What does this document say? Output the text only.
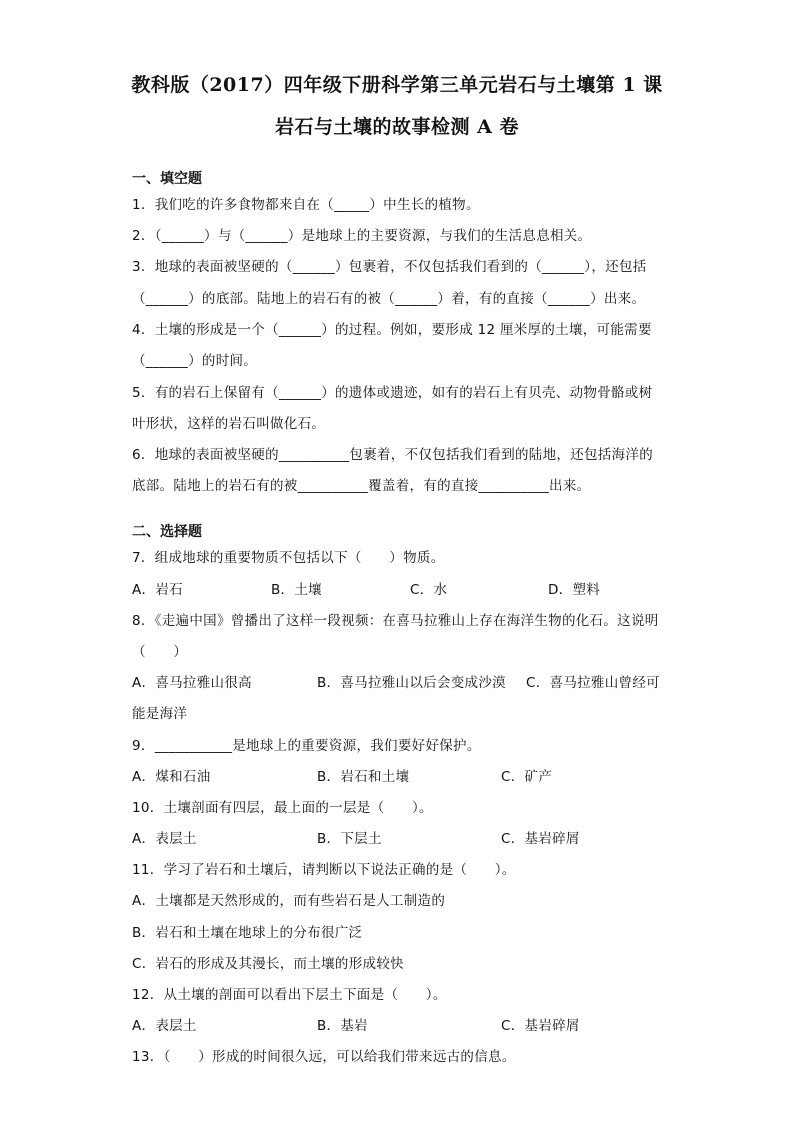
教科版（2017）四年级下册科学第三单元岩石与土壤第 1 课
岩石与土壤的故事检测 A 卷
一、填空题
1．我们吃的许多食物都来自在（_____）中生长的植物。
2．（______）与（______）是地球上的主要资源，与我们的生活息息相关。
3．地球的表面被坚硬的（______）包裹着，不仅包括我们看到的（______），还包括
（______）的底部。陆地上的岩石有的被（______）着，有的直接（______）出来。
4．土壤的形成是一个（______）的过程。例如，要形成 12 厘米厚的土壤，可能需要
（______）的时间。
5．有的岩石上保留有（______）的遗体或遗迹，如有的岩石上有贝壳、动物骨骼或树
叶形状，这样的岩石叫做化石。
6．地球的表面被坚硬的__________包裹着，不仅包括我们看到的陆地，还包括海洋的
底部。陆地上的岩石有的被__________覆盖着，有的直接__________出来。
二、选择题
7．组成地球的重要物质不包括以下（　　）物质。
A．岩石	B．土壤	C．水	D．塑料
8．《走遍中国》曾播出了这样一段视频：在喜马拉雅山上存在海洋生物的化石。这说明
（　　）
A．喜马拉雅山很高	B．喜马拉雅山以后会变成沙漠 C．喜马拉雅山曾经可
能是海洋
9．___________是地球上的重要资源，我们要好好保护。
A．煤和石油	B．岩石和土壤	C．矿产
10．土壤剖面有四层，最上面的一层是（　　）。
A．表层土	B．下层土	C．基岩碎屑
11．学习了岩石和土壤后，请判断以下说法正确的是（　　）。
A．土壤都是天然形成的，而有些岩石是人工制造的
B．岩石和土壤在地球上的分布很广泛
C．岩石的形成及其漫长，而土壤的形成较快
12．从土壤的剖面可以看出下层土下面是（　　）。
A．表层土	B．基岩	C．基岩碎屑
13．（　　）形成的时间很久远，可以给我们带来远古的信息。
